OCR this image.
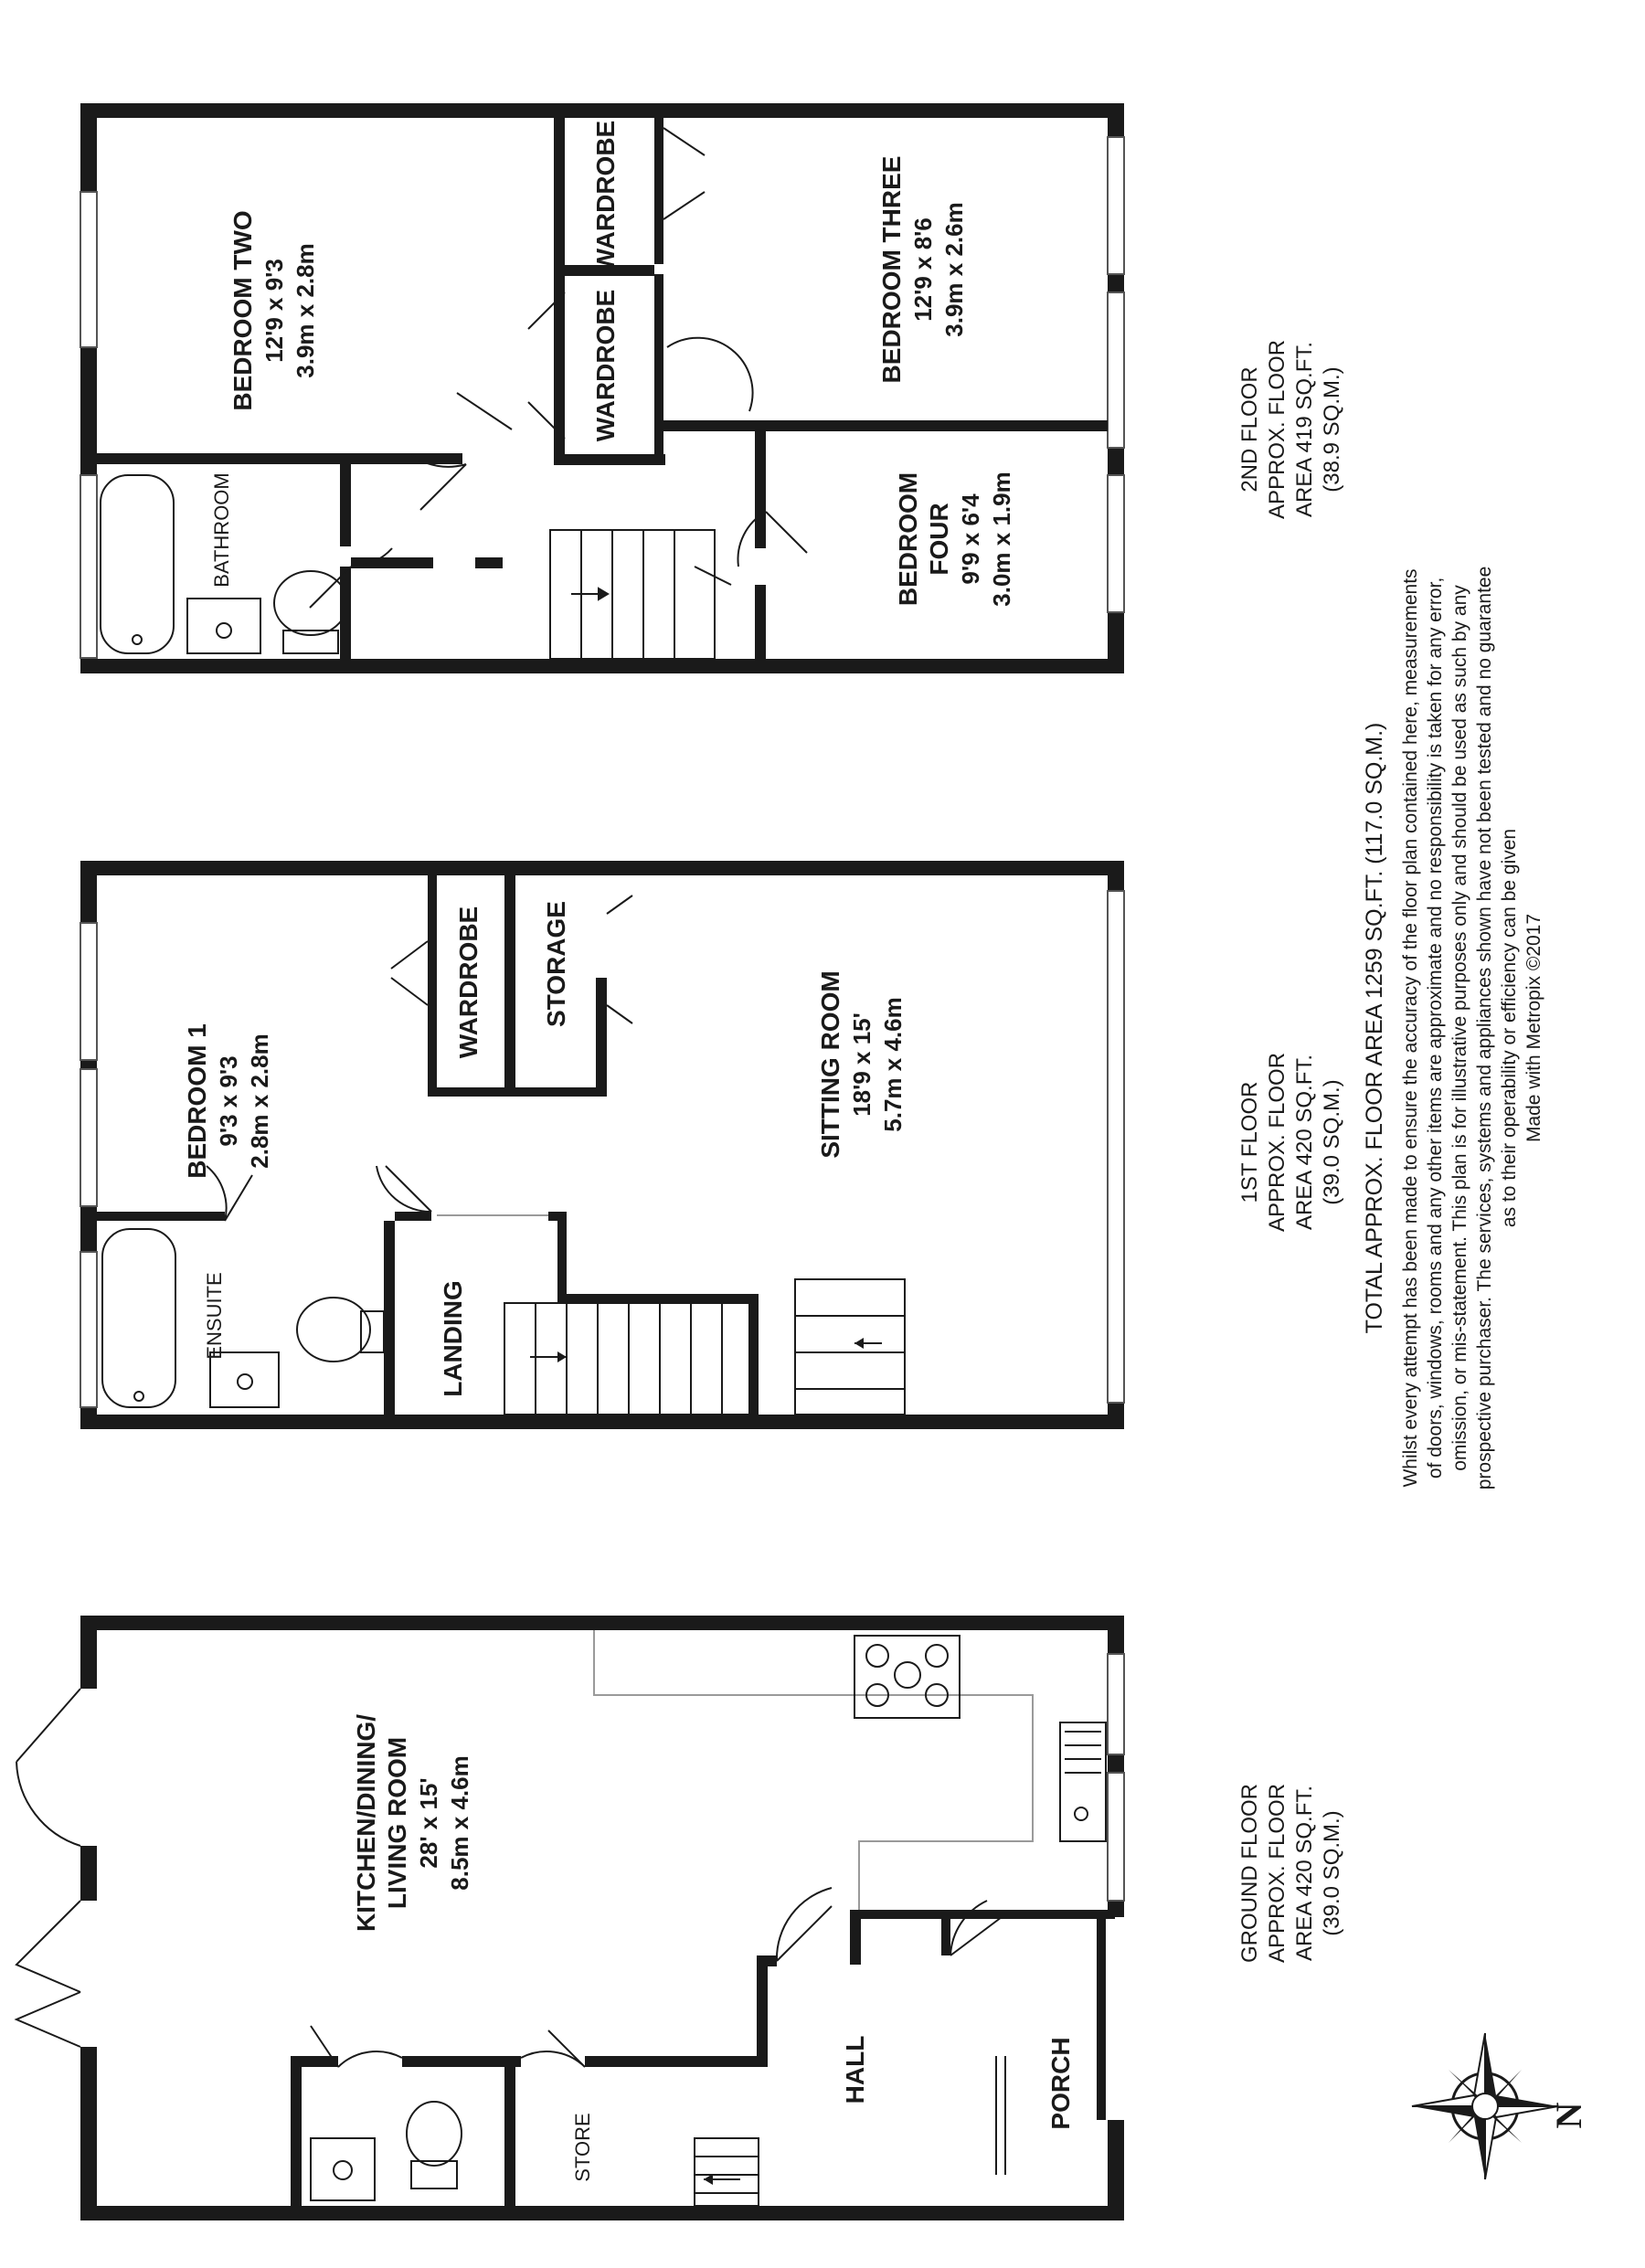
BEDROOM TWO 12'9 x 9'3 3.9m x 2.8m	BEDROOM THREE 12'9 x 8'6 3.9m x 2.6m
BEDROOM FOUR 9'9 x 6'4 3.0m x 1.9m
WARDROBE
WARDROBE
BATHROOM
BEDROOM 1 9'3 x 9'3 2.8m x 2.8m	SITTING ROOM 18'9 x 15' 5.7m x 4.6m
WARDROBE STORAGE
LANDING
ENSUITE
KITCHEN/DINING/ LIVING ROOM 28' x 15' 8.5m x 4.6m
HALL	PORCH
STORE
2ND FLOOR APPROX. FLOOR AREA 419 SQ.FT. (38.9 SQ.M.)
1ST FLOOR APPROX. FLOOR AREA 420 SQ.FT. (39.0 SQ.M.)
GROUND FLOOR APPROX. FLOOR AREA 420 SQ.FT. (39.0 SQ.M.)
TOTAL APPROX. FLOOR AREA 1259 SQ.FT. (117.0 SQ.M.) Whilst every attempt has been made to ensure the accuracy of the floor plan contained here, measurements of doors, windows, rooms and any other items are approximate and no responsibility is taken for any error, omission, or mis-statement. This plan is for illustrative purposes only and should be used as such by any prospective purchaser. The services, systems and appliances shown have not been tested and no guarantee as to their operability or efficiency can be given Made with Metropix ©2017
N
